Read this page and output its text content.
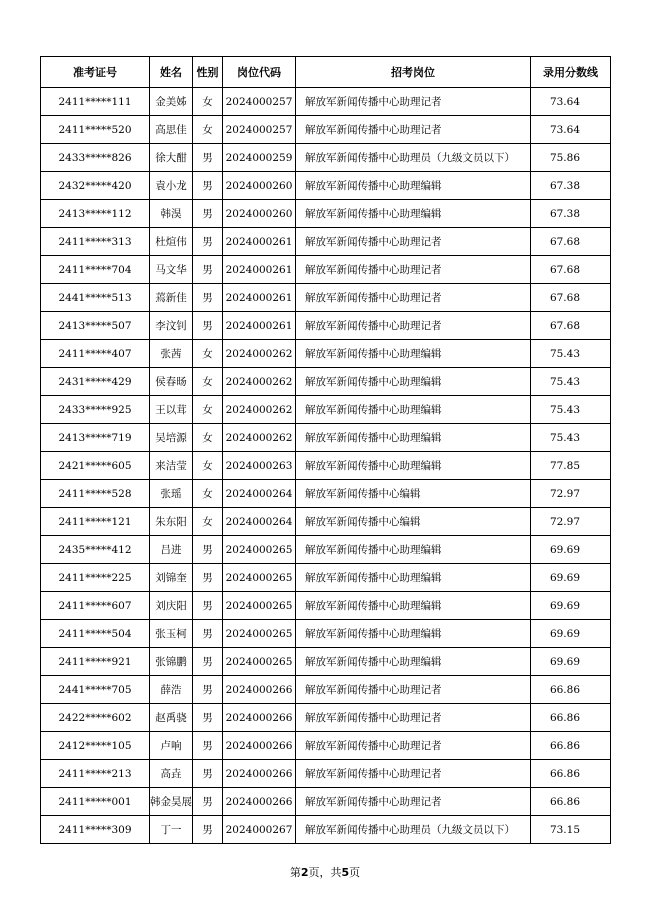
准考证号	姓名	性别	岗位代码	招考岗位	录用分数线
2411*****111	金美姊	女	2024000257	解放军新闻传播中心助理记者	73.64
2411*****520	高思佳	女	2024000257	解放军新闻传播中心助理记者	73.64
2433*****826	徐大酣	男	2024000259	解放军新闻传播中心助理员（九级文员以下）	75.86
2432*****420	袁小龙	男	2024000260	解放军新闻传播中心助理编辑	67.38
2413*****112	韩淏	男	2024000260	解放军新闻传播中心助理编辑	67.38
2411*****313	杜煊伟	男	2024000261	解放军新闻传播中心助理记者	67.68
2411*****704	马文华	男	2024000261	解放军新闻传播中心助理记者	67.68
2441*****513	蔫新佳	男	2024000261	解放军新闻传播中心助理记者	67.68
2413*****507	李汶钊	男	2024000261	解放军新闻传播中心助理记者	67.68
2411*****407	张茜	女	2024000262	解放军新闻传播中心助理编辑	75.43
2431*****429	侯春旸	女	2024000262	解放军新闻传播中心助理编辑	75.43
2433*****925	王以茸	女	2024000262	解放军新闻传播中心助理编辑	75.43
2413*****719	吴培源	女	2024000262	解放军新闻传播中心助理编辑	75.43
2421*****605	来洁莹	女	2024000263	解放军新闻传播中心助理编辑	77.85
2411*****528	张瑶	女	2024000264	解放军新闻传播中心编辑	72.97
2411*****121	朱东阳	女	2024000264	解放军新闻传播中心编辑	72.97
2435*****412	吕进	男	2024000265	解放军新闻传播中心助理编辑	69.69
2411*****225	刘锦奎	男	2024000265	解放军新闻传播中心助理编辑	69.69
2411*****607	刘庆阳	男	2024000265	解放军新闻传播中心助理编辑	69.69
2411*****504	张玉柯	男	2024000265	解放军新闻传播中心助理编辑	69.69
2411*****921	张锦鹏	男	2024000265	解放军新闻传播中心助理编辑	69.69
2441*****705	薛浩	男	2024000266	解放军新闻传播中心助理记者	66.86
2422*****602	赵禹骁	男	2024000266	解放军新闻传播中心助理记者	66.86
2412*****105	卢响	男	2024000266	解放军新闻传播中心助理记者	66.86
2411*****213	高垚	男	2024000266	解放军新闻传播中心助理记者	66.86
2411*****001	韩金昊展	男	2024000266	解放军新闻传播中心助理记者	66.86
2411*****309	丁一	男	2024000267	解放军新闻传播中心助理员（九级文员以下）	73.15
第2页，共5页
